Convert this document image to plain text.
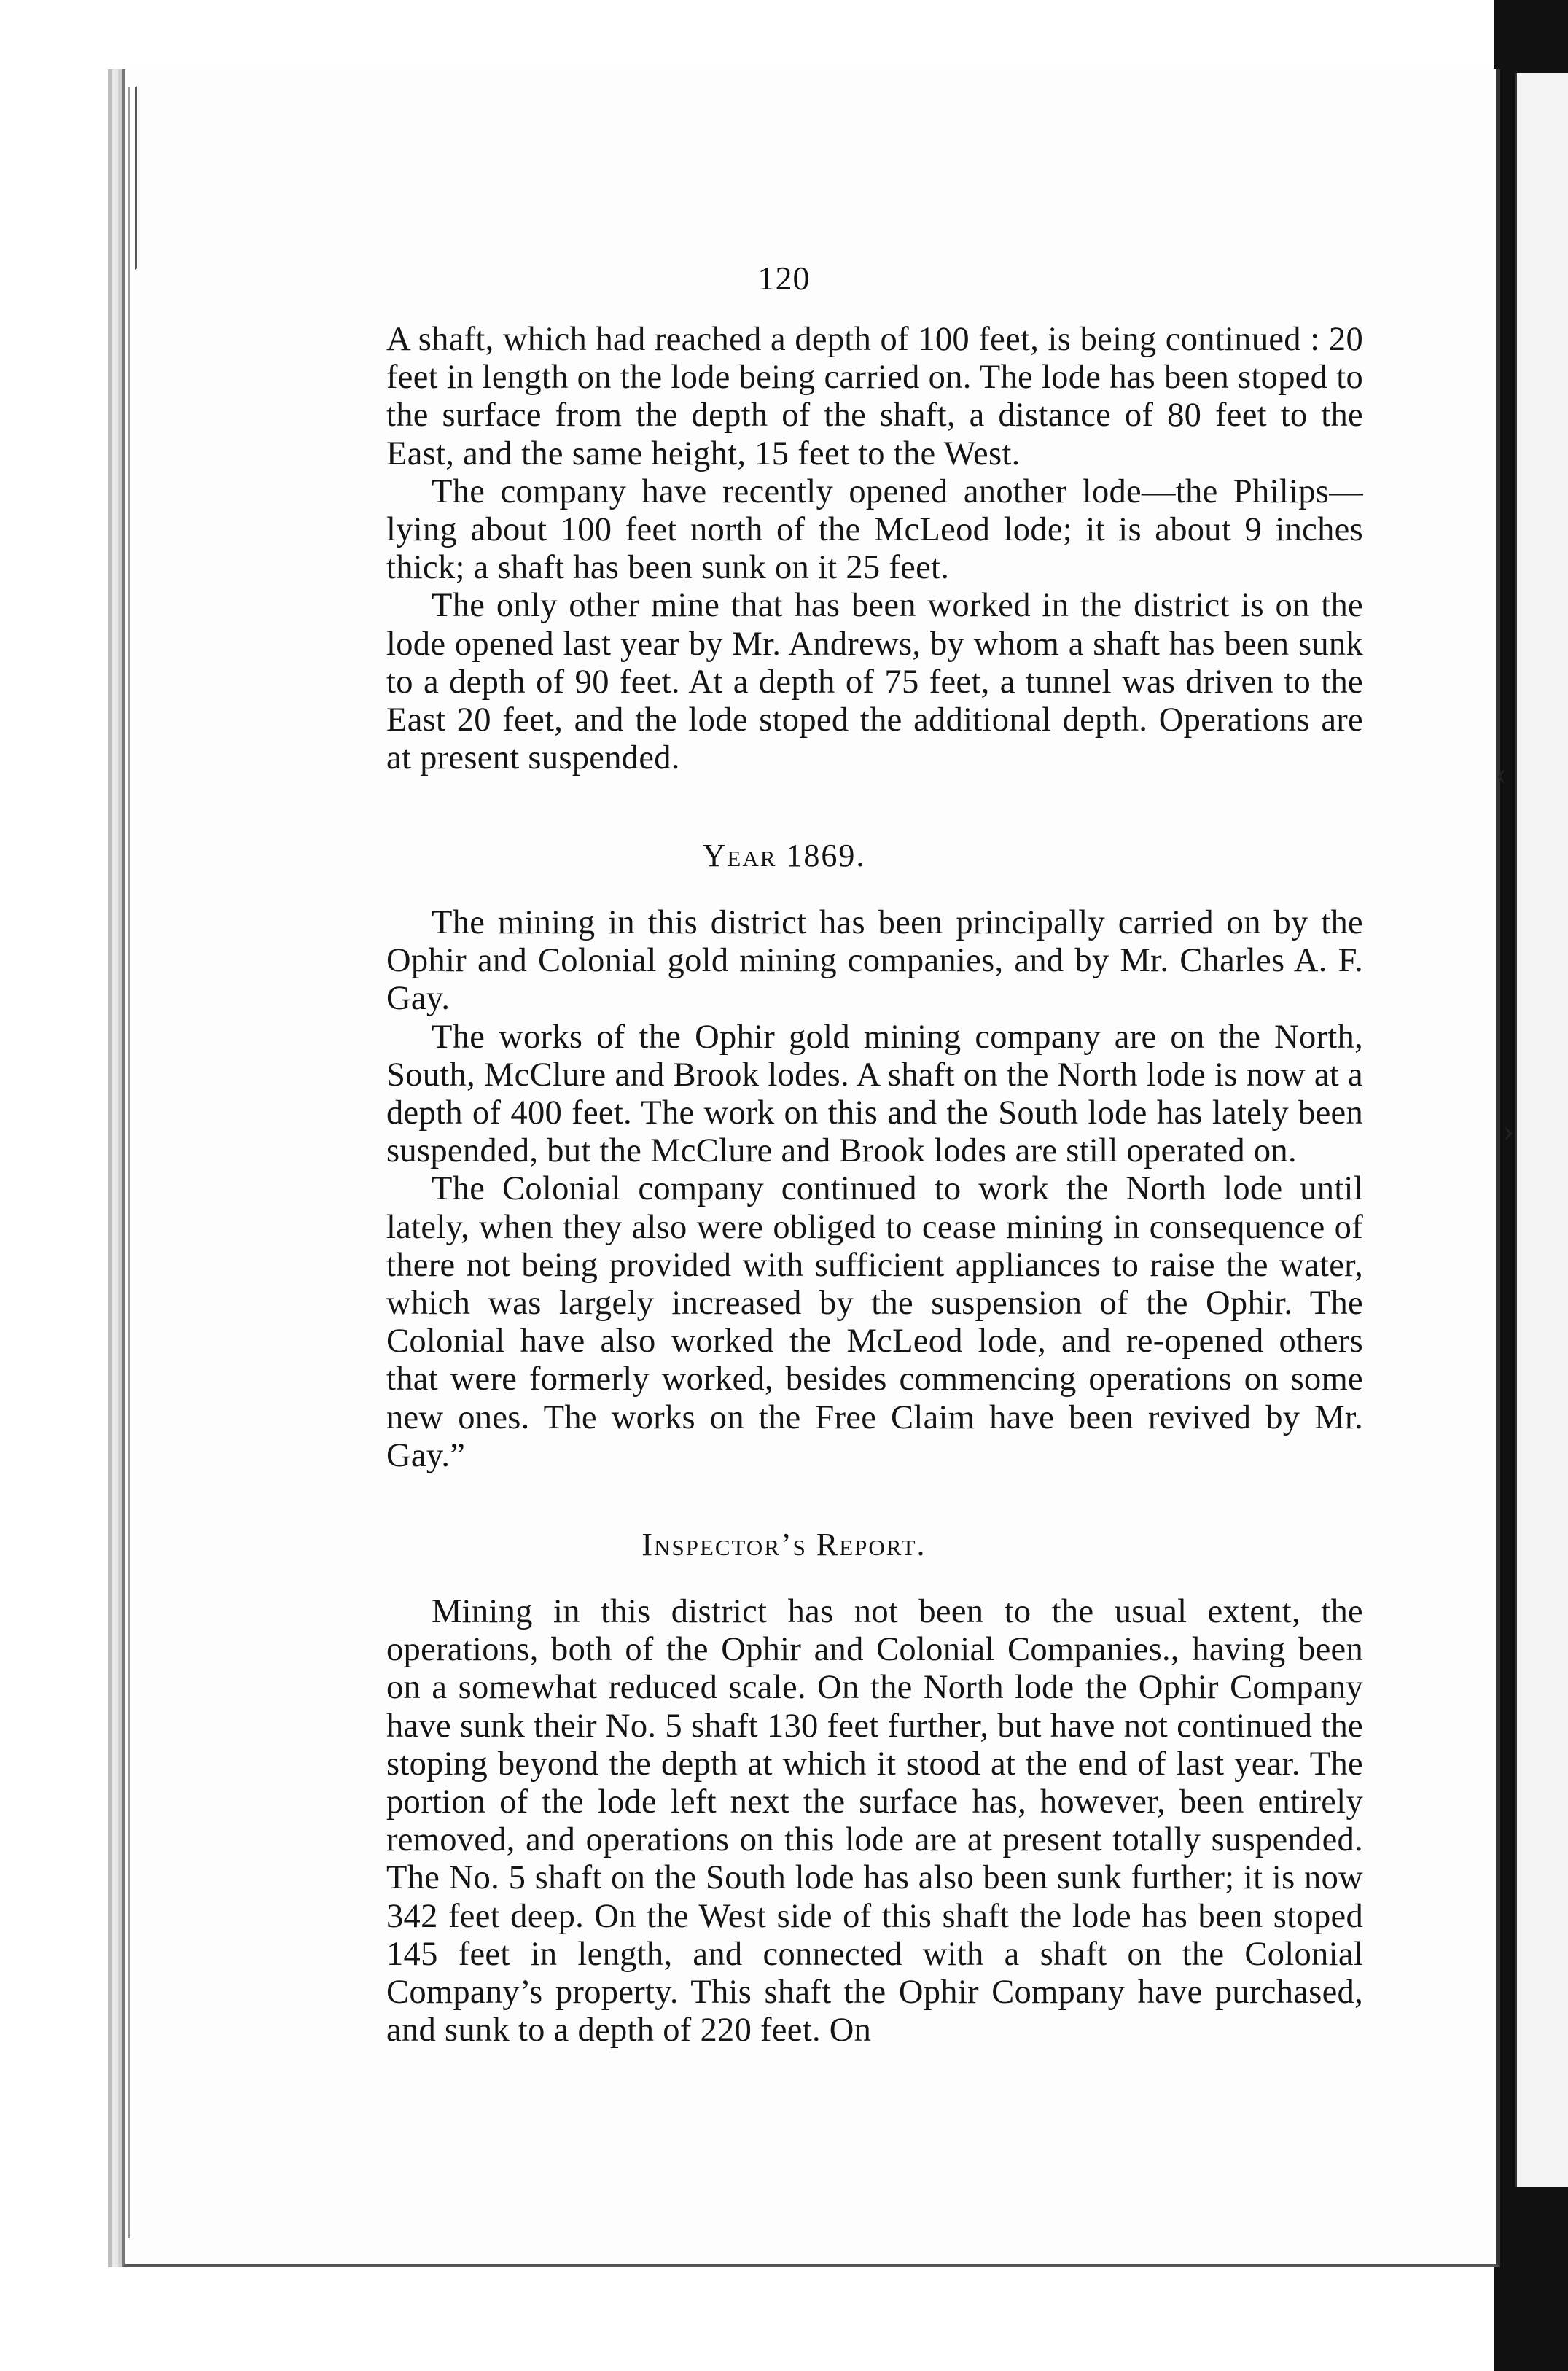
‹
›
120

A shaft, which had reached a depth of 100 feet, is being continued : 20 feet in length on the lode being carried on. The lode has been stoped to the surface from the depth of the shaft, a distance of 80 feet to the East, and the same height, 15 feet to the West.

The company have recently opened another lode—the Philips—lying about 100 feet north of the McLeod lode; it is about 9 inches thick; a shaft has been sunk on it 25 feet.

The only other mine that has been worked in the district is on the lode opened last year by Mr. Andrews, by whom a shaft has been sunk to a depth of 90 feet. At a depth of 75 feet, a tunnel was driven to the East 20 feet, and the lode stoped the additional depth. Operations are at present suspended.

Year 1869.

The mining in this district has been principally carried on by the Ophir and Colonial gold mining companies, and by Mr. Charles A. F. Gay.

The works of the Ophir gold mining company are on the North, South, McClure and Brook lodes. A shaft on the North lode is now at a depth of 400 feet. The work on this and the South lode has lately been suspended, but the McClure and Brook lodes are still operated on.

The Colonial company continued to work the North lode until lately, when they also were obliged to cease mining in consequence of there not being provided with sufficient appliances to raise the water, which was largely increased by the suspension of the Ophir. The Colonial have also worked the McLeod lode, and re-opened others that were formerly worked, besides commencing operations on some new ones. The works on the Free Claim have been revived by Mr. Gay.”

Inspector’s Report.

Mining in this district has not been to the usual extent, the operations, both of the Ophir and Colonial Companies., having been on a somewhat reduced scale. On the North lode the Ophir Company have sunk their No. 5 shaft 130 feet further, but have not continued the stoping beyond the depth at which it stood at the end of last year. The portion of the lode left next the surface has, however, been entirely removed, and operations on this lode are at present totally suspended. The No. 5 shaft on the South lode has also been sunk further; it is now 342 feet deep. On the West side of this shaft the lode has been stoped 145 feet in length, and connected with a shaft on the Colonial Company’s property. This shaft the Ophir Company have purchased, and sunk to a depth of 220 feet. On
